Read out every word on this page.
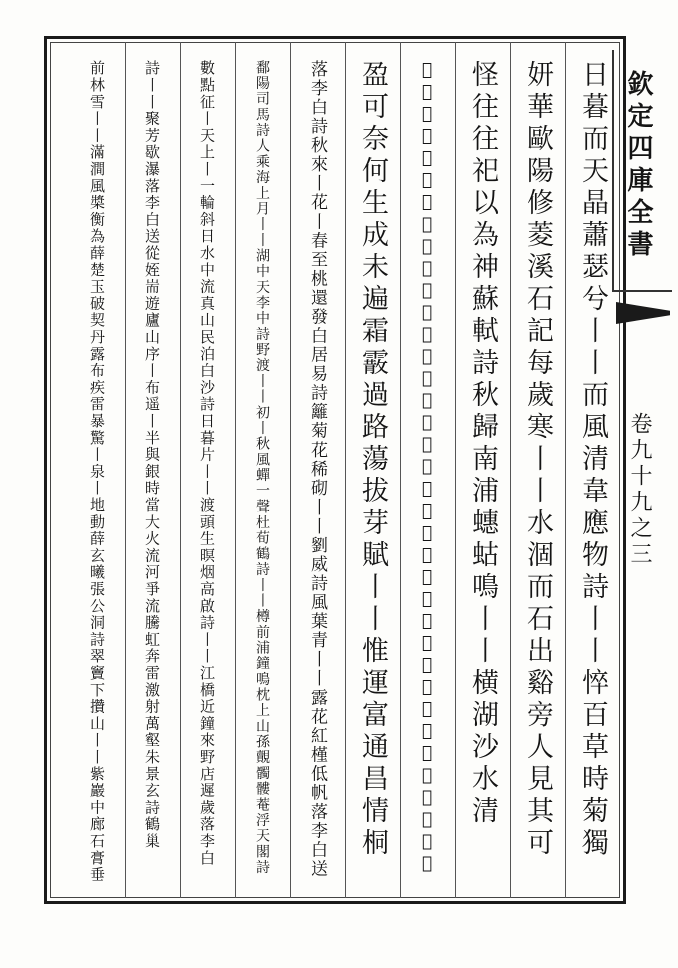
欽定四庫全書
卷九十九之三
日暮而天晶蕭瑟兮丨丨而風清韋應物詩丨丨悴百草時菊獨
妍華歐陽修菱溪石記每歲寒丨丨水涸而石出谿旁人見其可
怪往往祀以為神蘇軾詩秋歸南浦蟪蛄鳴丨丨横湖沙水清
𣗥落宋之問太平公主山池賦春兮日芳鮮白居易詩中庭有槿花丨丨同一晨元稹詩丨丨戲
盈可奈何生成未遍霜霰過路蕩拔芽賦丨丨惟運富通昌情桐
落李白詩秋來丨花丨春至桃還發白居易詩籬菊花稀砌丨丨劉威詩風葉青丨丨露花紅槿低帆落李白送
鄱陽司馬詩人乘海上月丨丨湖中天李中詩野渡丨丨初丨秋風蟬一聲杜荀鶴詩丨丨樽前浦鐘鳴枕上山孫覿髑髏菴浮天閣詩
數點征丨天上丨一輪斜日水中流真山民泊白沙詩日暮片丨丨渡頭生暝烟高啟詩丨丨江橋近鐘來野店遲歲落李白
詩丨丨聚芳歇瀑落李白送從姪耑遊廬山序丨布遥丨半與銀時當大火流河爭流騰虹奔雷激射萬壑朱景玄詩鶴巢
前林雪丨丨滿澗風槳衡為薛楚玉破契丹露布疾雷暴驚丨泉丨地動薛玄曦張公洞詩翠竇下攢山丨丨紫巖中廊石膏垂
